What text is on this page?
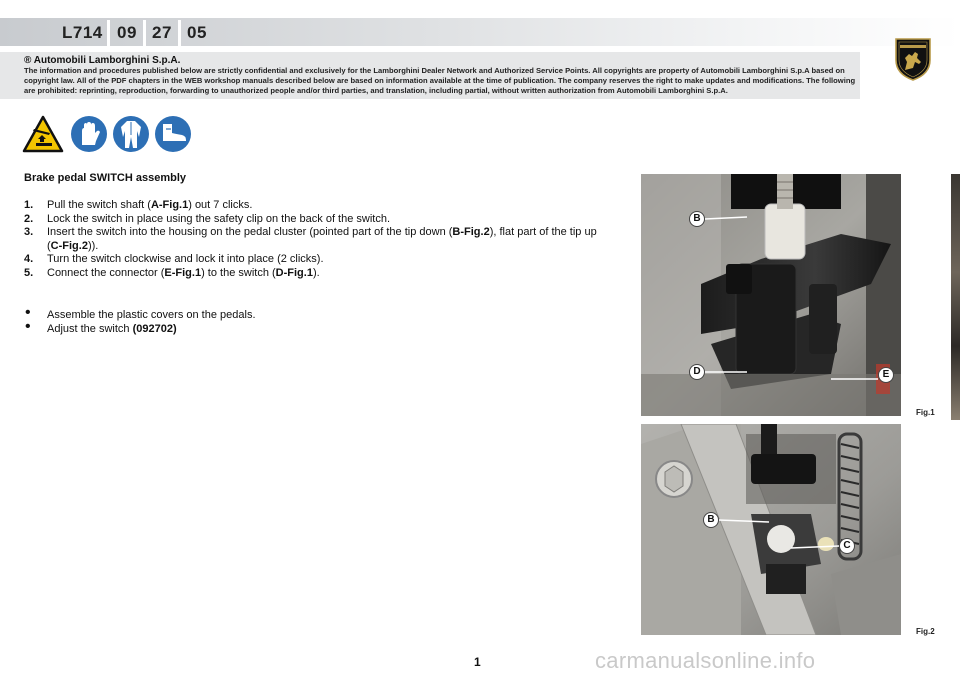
L714 09 27 05
® Automobili Lamborghini S.p.A.
The information and procedures published below are strictly confidential and exclusively for the Lamborghini Dealer Network and Authorized Service Points. All copyrights are property of Automobili Lamborghini S.p.A based on copyright law. All of the PDF chapters in the WEB workshop manuals described below are based on information available at the time of publication. The company reserves the right to make updates and modifications. The following are prohibited: reprinting, reproduction, forwarding to unauthorized people and/or third parties, and translation, including partial, without written authorization from Automobili Lamborghini S.p.A.
Brake pedal SWITCH assembly
1. Pull the switch shaft (A-Fig.1) out 7 clicks.
2. Lock the switch in place using the safety clip on the back of the switch.
3. Insert the switch into the housing on the pedal cluster (pointed part of the tip down (B-Fig.2), flat part of the tip up (C-Fig.2)).
4. Turn the switch clockwise and lock it into place (2 clicks).
5. Connect the connector (E-Fig.1) to the switch (D-Fig.1).
• Assemble the plastic covers on the pedals.
• Adjust the switch (092702)
B
D	E
Fig.1
B
C
Fig.2
1	carmanualsonline.info
